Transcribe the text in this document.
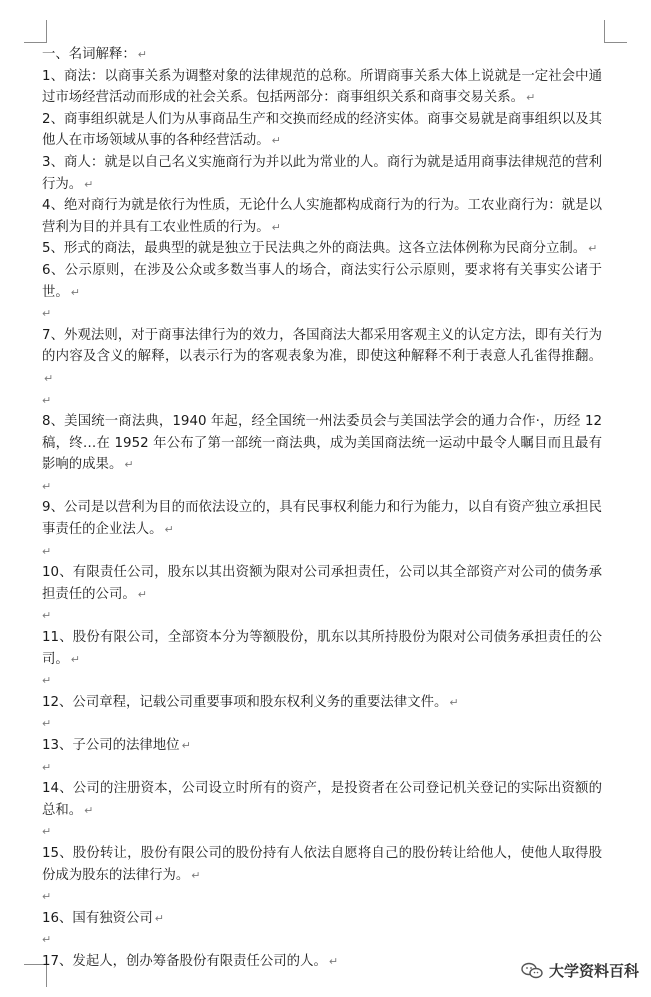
一、名词解释： ↵

1、商法：以商事关系为调整对象的法律规范的总称。所谓商事关系大体上说就是一定社会中通过市场经营活动而形成的社会关系。包括两部分：商事组织关系和商事交易关系。 ↵

2、商事组织就是人们为从事商品生产和交换而经成的经济实体。商事交易就是商事组织以及其他人在市场领域从事的各种经营活动。 ↵

3、商人：就是以自己名义实施商行为并以此为常业的人。商行为就是适用商事法律规范的营利行为。 ↵

4、绝对商行为就是依行为性质，无论什么人实施都构成商行为的行为。工农业商行为：就是以营利为目的并具有工农业性质的行为。 ↵

5、形式的商法，最典型的就是独立于民法典之外的商法典。这各立法体例称为民商分立制。 ↵

6、公示原则，在涉及公众或多数当事人的场合，商法实行公示原则，要求将有关事实公诸于世。 ↵

↵

7、外观法则，对于商事法律行为的效力，各国商法大都采用客观主义的认定方法，即有关行为的内容及含义的解释，以表示行为的客观表象为准，即使这种解释不利于表意人孔雀得推翻。↵

↵

8、美国统一商法典，1940 年起，经全国统一州法委员会与美国法学会的通力合作·，历经 12 稿，终…在 1952 年公布了第一部统一商法典，成为美国商法统一运动中最令人瞩目而且最有影响的成果。 ↵

↵

9、公司是以营利为目的而依法设立的，具有民事权利能力和行为能力，以自有资产独立承担民事责任的企业法人。 ↵

↵

10、有限责任公司，股东以其出资额为限对公司承担责任，公司以其全部资产对公司的债务承担责任的公司。 ↵

↵

11、股份有限公司，全部资本分为等额股份，肌东以其所持股份为限对公司债务承担责任的公司。 ↵

↵

12、公司章程，记载公司重要事项和股东权利义务的重要法律文件。 ↵

↵

13、子公司的法律地位 ↵

↵

14、公司的注册资本，公司设立时所有的资产，是投资者在公司登记机关登记的实际出资额的总和。 ↵

↵

15、股份转让，股份有限公司的股份持有人依法自愿将自己的股份转让给他人，使他人取得股份成为股东的法律行为。 ↵

↵

16、国有独资公司 ↵

↵

17、发起人，创办筹备股份有限责任公司的人。 ↵

大学资料百科
